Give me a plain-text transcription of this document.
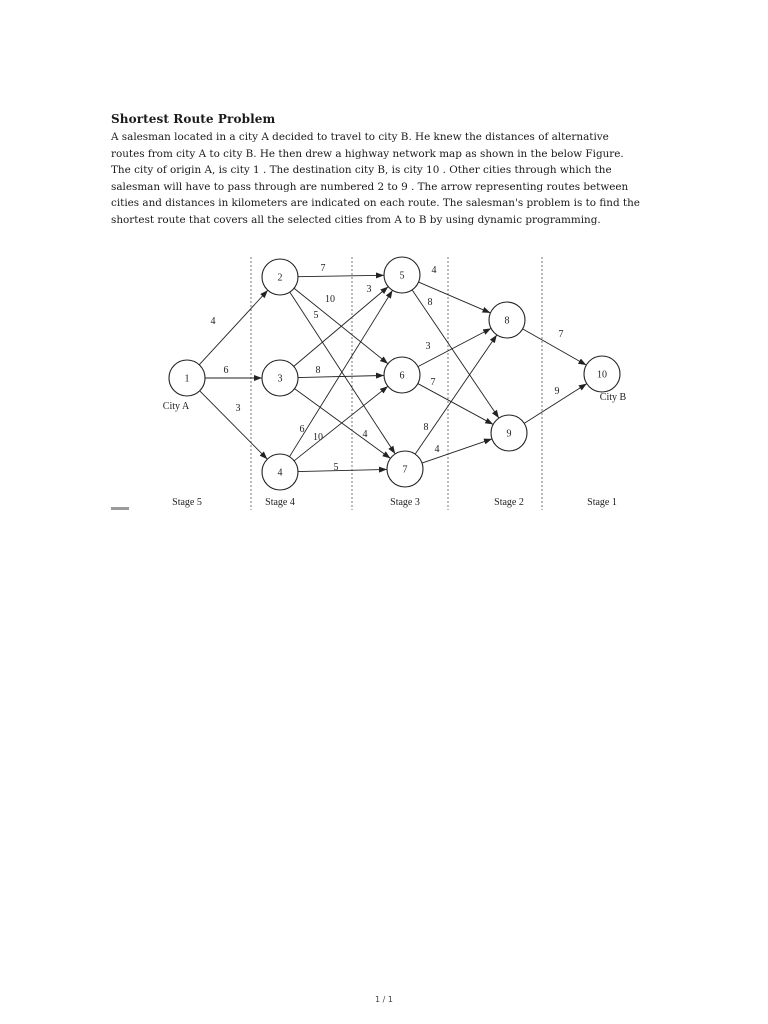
Shortest Route Problem
A salesman located in a city A decided to travel to city B. He knew the distances of alternative
routes from city A to city B. He then drew a highway network map as shown in the below Figure.
The city of origin A, is city 1 . The destination city B, is city 10 . Other cities through which the
salesman will have to pass through are numbered 2 to 9 . The arrow representing routes between
cities and distances in kilometers are indicated on each route. The salesman's problem is to find the
shortest route that covers all the selected cities from A to B by using dynamic programming.
1
2
3
4
5
6
7
8
9
10
4
6
3
7
10
5
3
8
4
6
10
5
4
8
3
7
8
4
7
9
City A
City B
Stage 5	Stage 4	Stage 3	Stage 2	Stage 1
1 / 1
